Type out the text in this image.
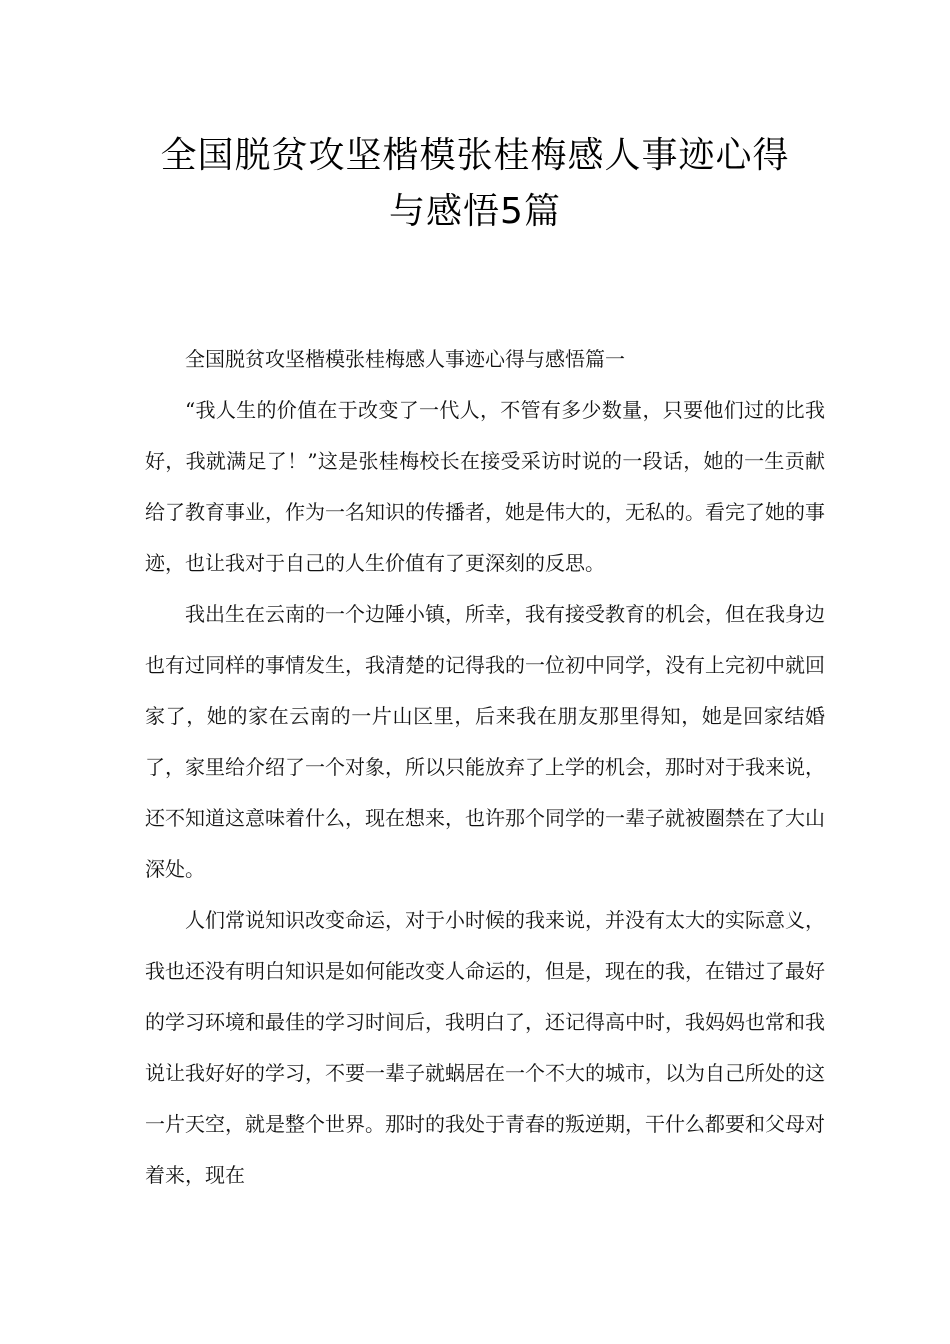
全国脱贫攻坚楷模张桂梅感人事迹心得
与感悟5篇

全国脱贫攻坚楷模张桂梅感人事迹心得与感悟篇一

“我人生的价值在于改变了一代人，不管有多少数量，只要他们过的比我好，我就满足了！”这是张桂梅校长在接受采访时说的一段话，她的一生贡献给了教育事业，作为一名知识的传播者，她是伟大的，无私的。看完了她的事迹，也让我对于自己的人生价值有了更深刻的反思。

我出生在云南的一个边陲小镇，所幸，我有接受教育的机会，但在我身边也有过同样的事情发生，我清楚的记得我的一位初中同学，没有上完初中就回家了，她的家在云南的一片山区里，后来我在朋友那里得知，她是回家结婚了，家里给介绍了一个对象，所以只能放弃了上学的机会，那时对于我来说，还不知道这意味着什么，现在想来，也许那个同学的一辈子就被圈禁在了大山深处。

人们常说知识改变命运，对于小时候的我来说，并没有太大的实际意义，我也还没有明白知识是如何能改变人命运的，但是，现在的我，在错过了最好的学习环境和最佳的学习时间后，我明白了，还记得高中时，我妈妈也常和我说让我好好的学习，不要一辈子就蜗居在一个不大的城市，以为自己所处的这一片天空，就是整个世界。那时的我处于青春的叛逆期，干什么都要和父母对着来，现在
